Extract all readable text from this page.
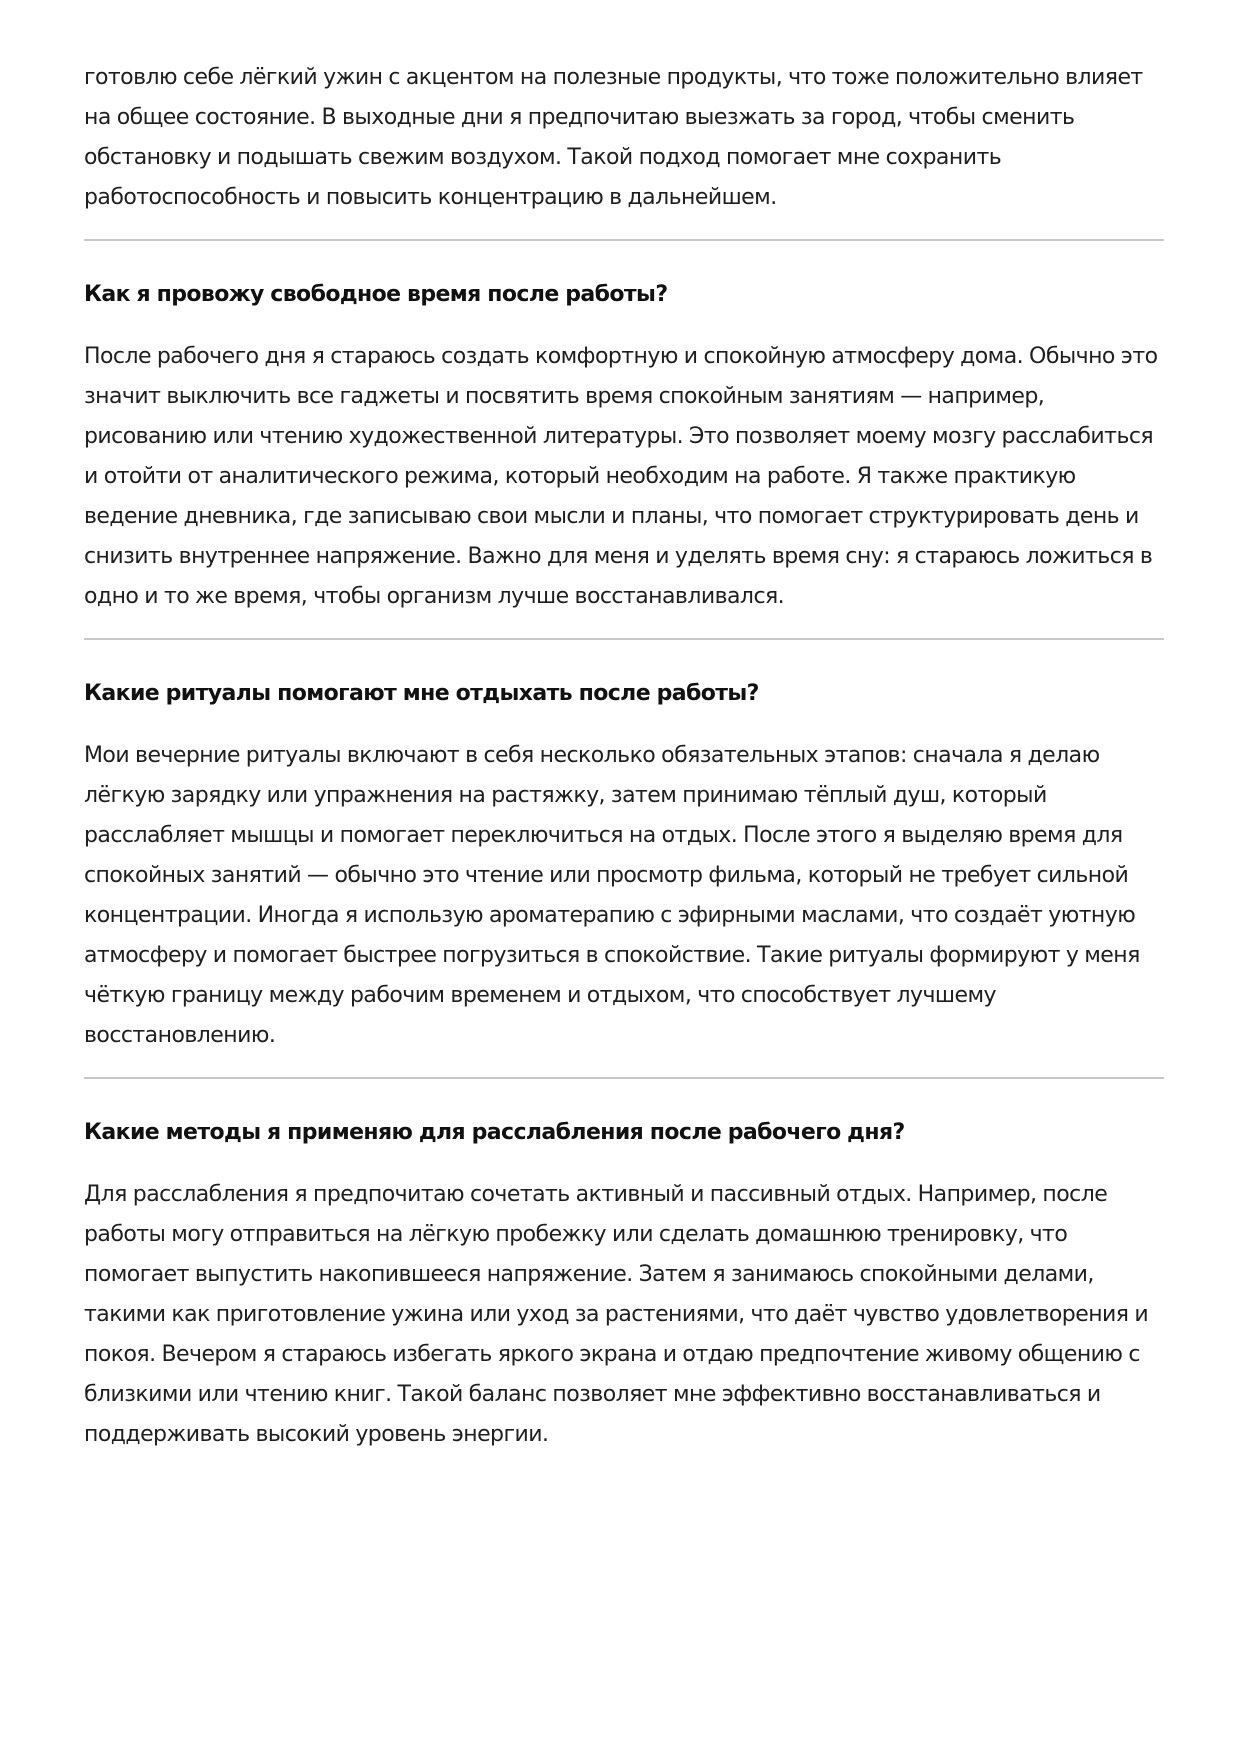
готовлю себе лёгкий ужин с акцентом на полезные продукты, что тоже положительно влияет на общее состояние. В выходные дни я предпочитаю выезжать за город, чтобы сменить обстановку и подышать свежим воздухом. Такой подход помогает мне сохранить работоспособность и повысить концентрацию в дальнейшем.

Как я провожу свободное время после работы?

После рабочего дня я стараюсь создать комфортную и спокойную атмосферу дома. Обычно это значит выключить все гаджеты и посвятить время спокойным занятиям — например, рисованию или чтению художественной литературы. Это позволяет моему мозгу расслабиться и отойти от аналитического режима, который необходим на работе. Я также практикую ведение дневника, где записываю свои мысли и планы, что помогает структурировать день и снизить внутреннее напряжение. Важно для меня и уделять время сну: я стараюсь ложиться в одно и то же время, чтобы организм лучше восстанавливался.

Какие ритуалы помогают мне отдыхать после работы?

Мои вечерние ритуалы включают в себя несколько обязательных этапов: сначала я делаю лёгкую зарядку или упражнения на растяжку, затем принимаю тёплый душ, который расслабляет мышцы и помогает переключиться на отдых. После этого я выделяю время для спокойных занятий — обычно это чтение или просмотр фильма, который не требует сильной концентрации. Иногда я использую ароматерапию с эфирными маслами, что создаёт уютную атмосферу и помогает быстрее погрузиться в спокойствие. Такие ритуалы формируют у меня чёткую границу между рабочим временем и отдыхом, что способствует лучшему восстановлению.

Какие методы я применяю для расслабления после рабочего дня?

Для расслабления я предпочитаю сочетать активный и пассивный отдых. Например, после работы могу отправиться на лёгкую пробежку или сделать домашнюю тренировку, что помогает выпустить накопившееся напряжение. Затем я занимаюсь спокойными делами, такими как приготовление ужина или уход за растениями, что даёт чувство удовлетворения и покоя. Вечером я стараюсь избегать яркого экрана и отдаю предпочтение живому общению с близкими или чтению книг. Такой баланс позволяет мне эффективно восстанавливаться и поддерживать высокий уровень энергии.
